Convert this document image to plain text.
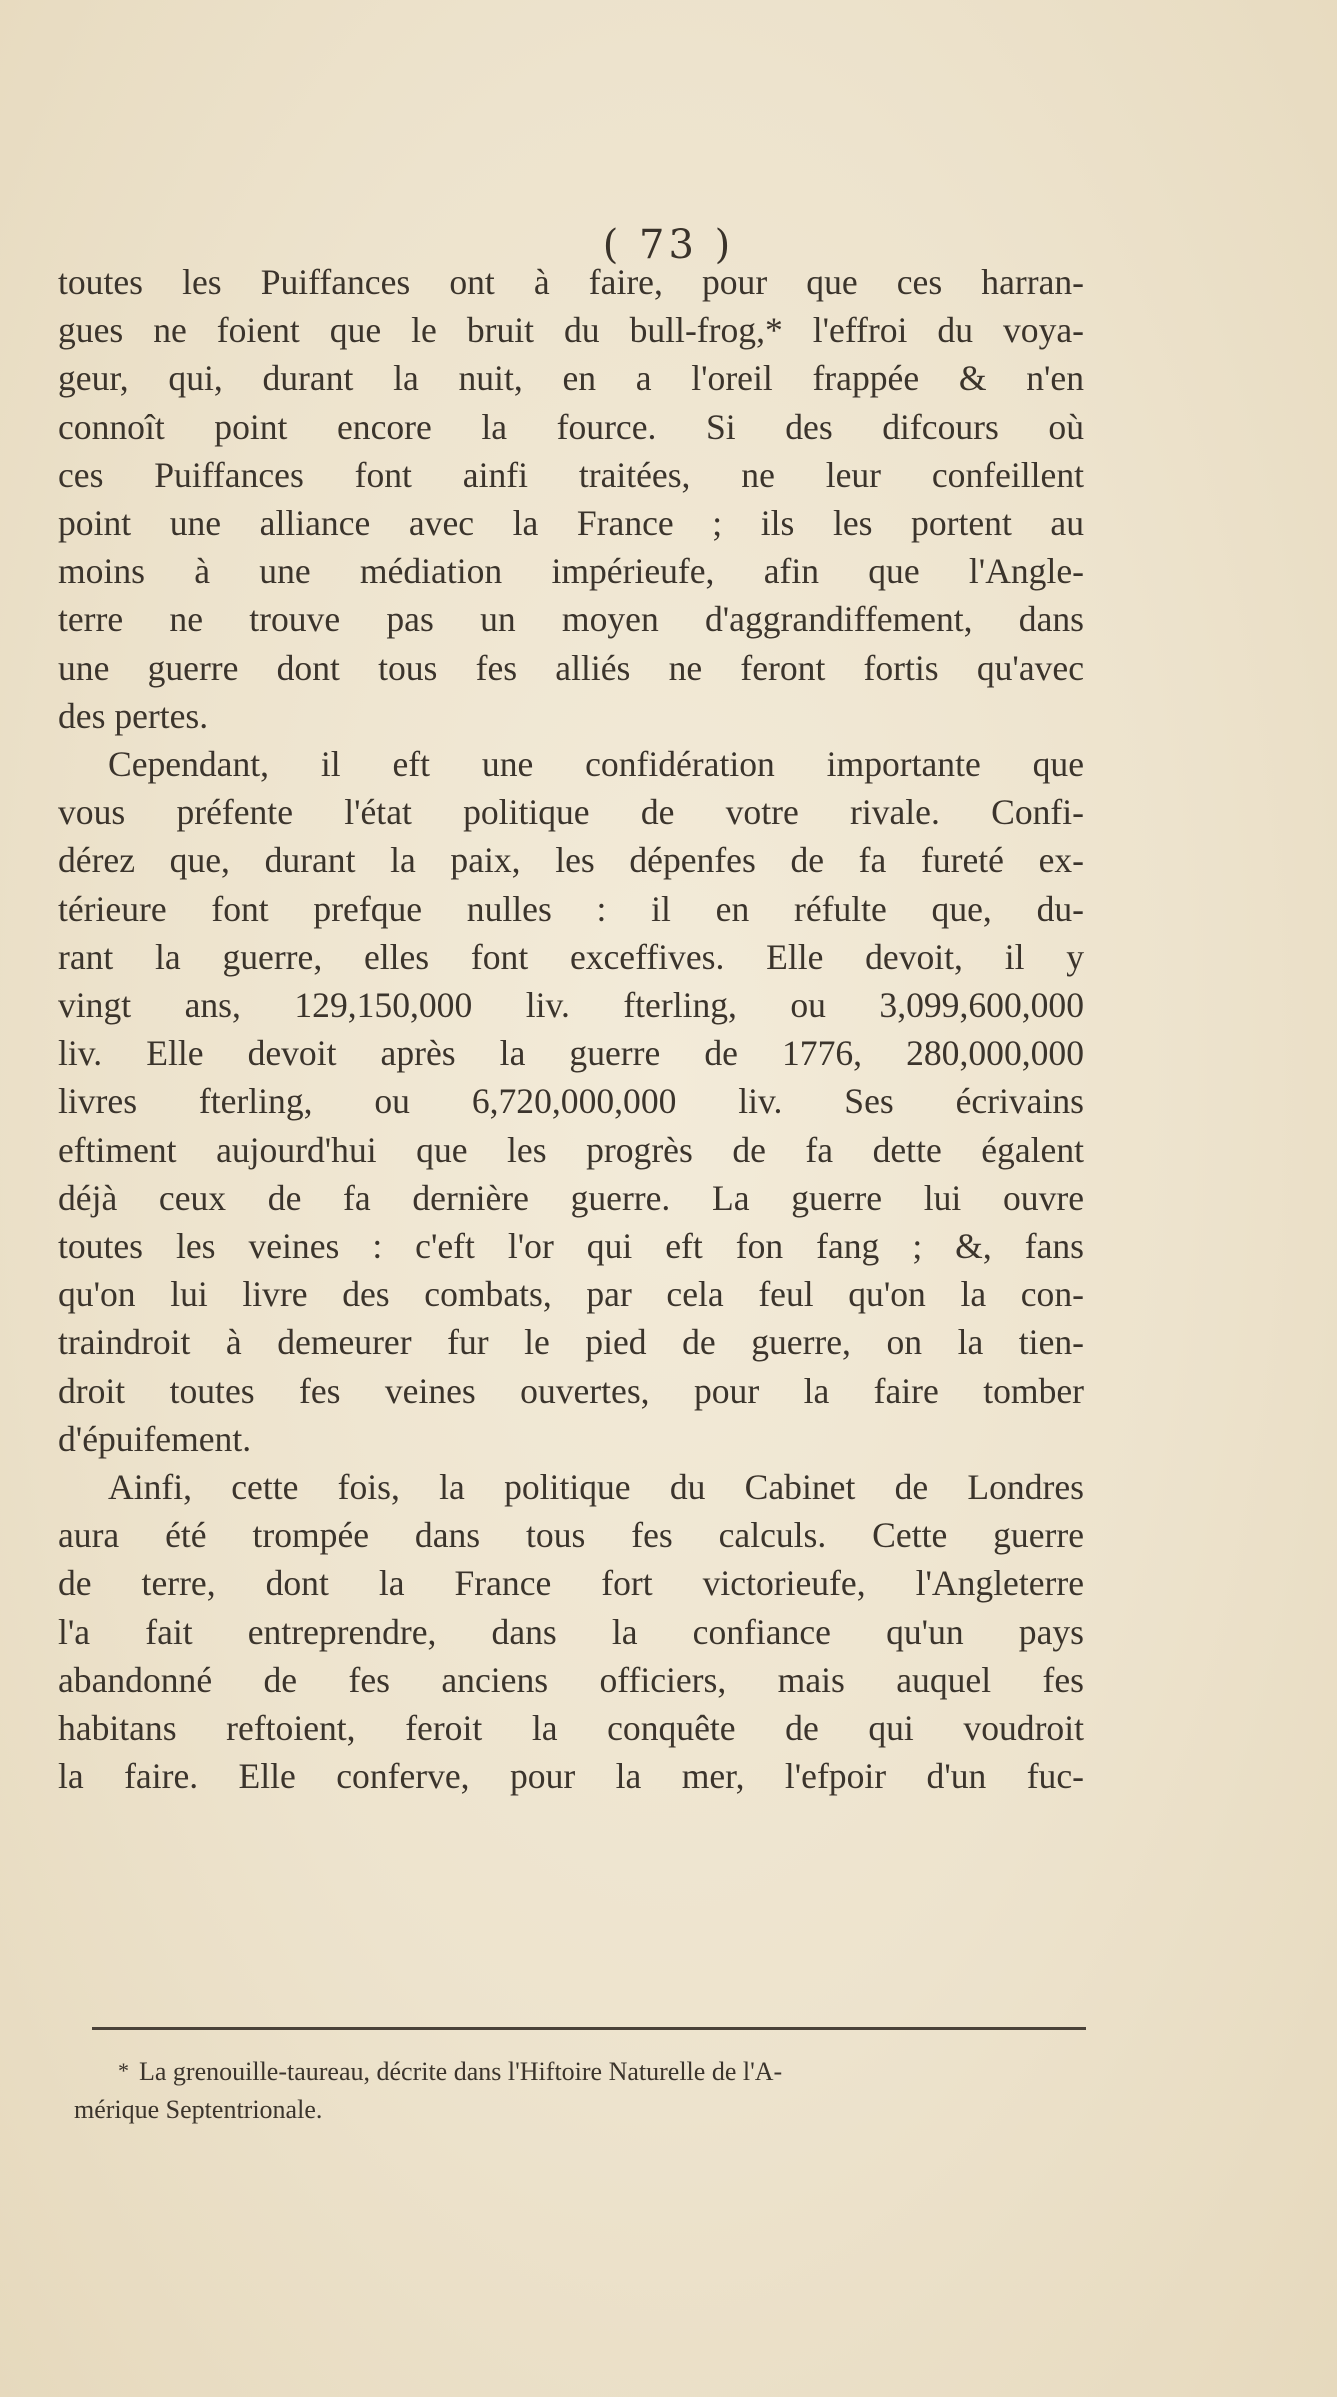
( 73 )
toutes les Puiffances ont à faire, pour que ces harran-
gues ne foient que le bruit du bull-frog,* l'effroi du voya-
geur, qui, durant la nuit, en a l'oreil frappée & n'en
connoît point encore la fource. Si des difcours où
ces Puiffances font ainfi traitées, ne leur confeillent
point une alliance avec la France ; ils les portent au
moins à une médiation impérieufe, afin que l'Angle-
terre ne trouve pas un moyen d'aggrandiffement, dans
une guerre dont tous fes alliés ne feront fortis qu'avec
des pertes.
Cependant, il eft une confidération importante que
vous préfente l'état politique de votre rivale. Confi-
dérez que, durant la paix, les dépenfes de fa fureté ex-
térieure font prefque nulles : il en réfulte que, du-
rant la guerre, elles font exceffives. Elle devoit, il y
vingt ans, 129,150,000 liv. fterling, ou 3,099,600,000
liv. Elle devoit après la guerre de 1776, 280,000,000
livres fterling, ou 6,720,000,000 liv. Ses écrivains
eftiment aujourd'hui que les progrès de fa dette égalent
déjà ceux de fa dernière guerre. La guerre lui ouvre
toutes les veines : c'eft l'or qui eft fon fang ; &, fans
qu'on lui livre des combats, par cela feul qu'on la con-
traindroit à demeurer fur le pied de guerre, on la tien-
droit toutes fes veines ouvertes, pour la faire tomber
d'épuifement.
Ainfi, cette fois, la politique du Cabinet de Londres
aura été trompée dans tous fes calculs. Cette guerre
de terre, dont la France fort victorieufe, l'Angleterre
l'a fait entreprendre, dans la confiance qu'un pays
abandonné de fes anciens officiers, mais auquel fes
habitans reftoient, feroit la conquête de qui voudroit
la faire. Elle conferve, pour la mer, l'efpoir d'un fuc-
* La grenouille-taureau, décrite dans l'Hiftoire Naturelle de l'A-
mérique Septentrionale.
